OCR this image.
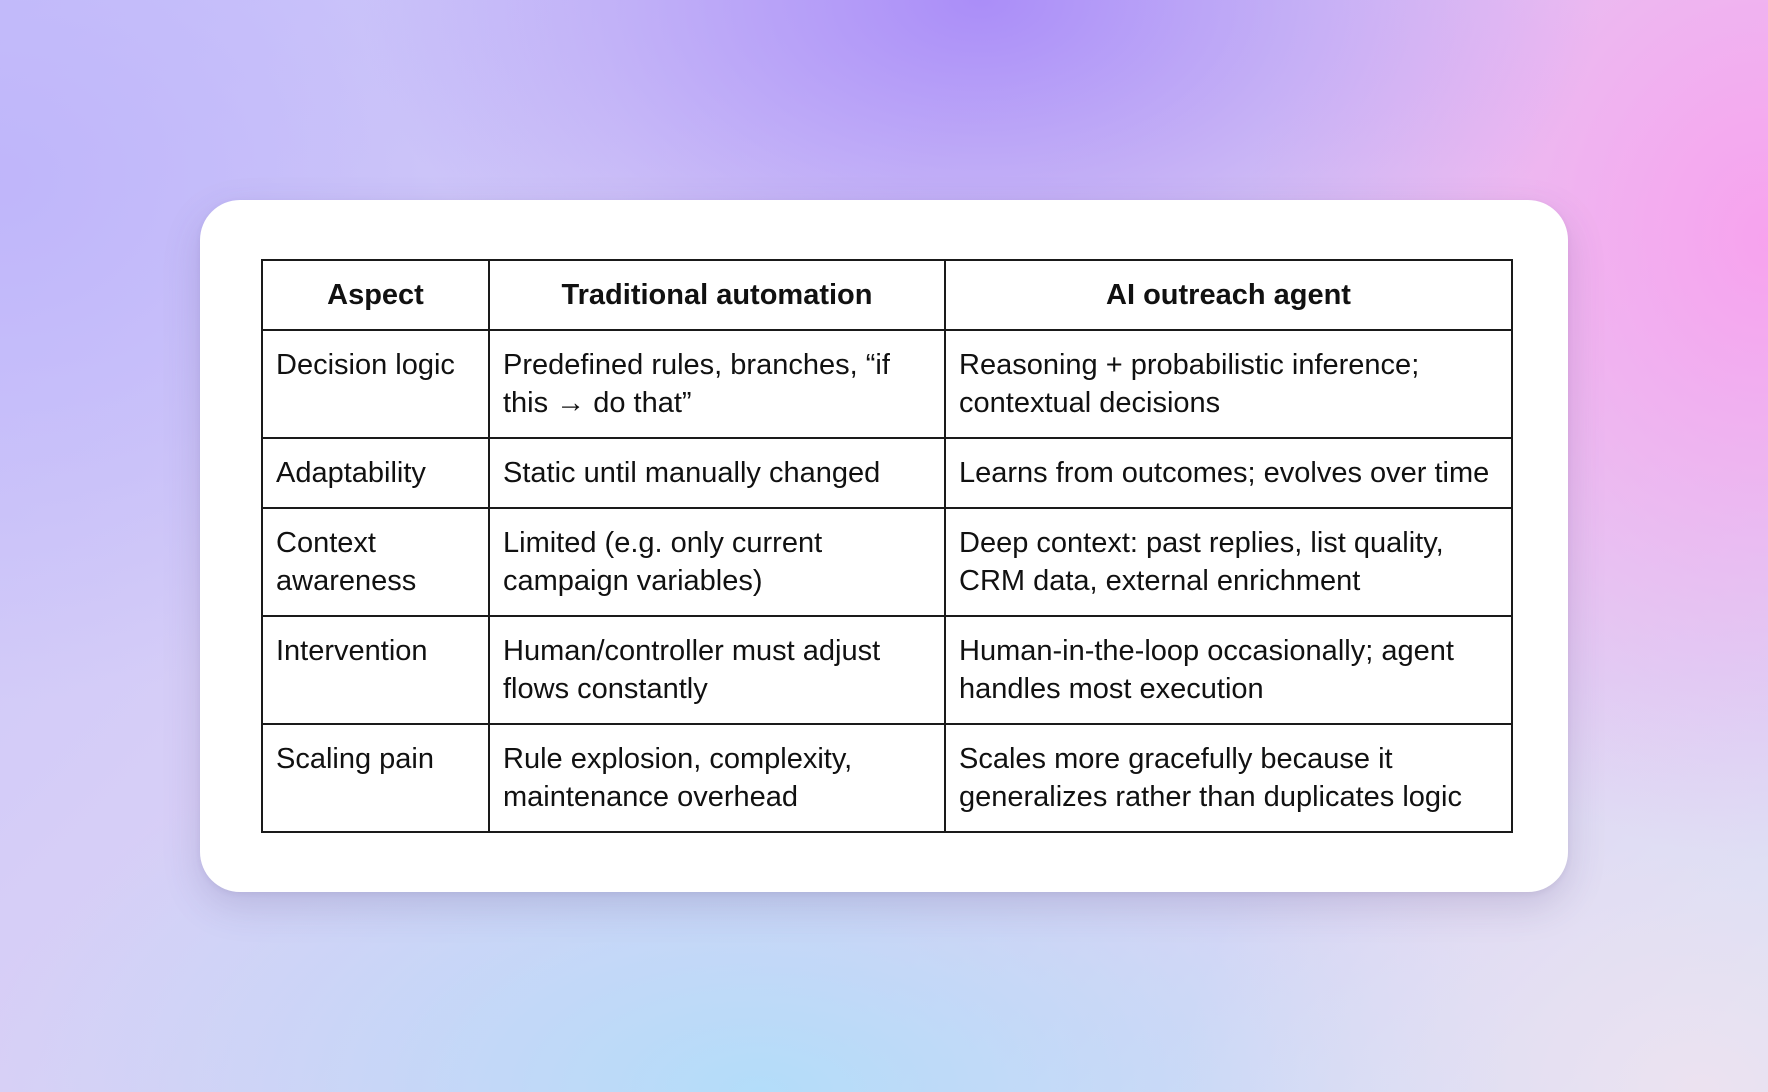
Aspect	Traditional automation	AI outreach agent
Decision logic	Predefined rules, branches, “if this → do that”	Reasoning + probabilistic inference; contextual decisions
Adaptability	Static until manually changed	Learns from outcomes; evolves over time
Context awareness	Limited (e.g. only current campaign variables)	Deep context: past replies, list quality, CRM data, external enrichment
Intervention	Human/controller must adjust flows constantly	Human-in-the-loop occasionally; agent handles most execution
Scaling pain	Rule explosion, complexity, maintenance overhead	Scales more gracefully because it generalizes rather than duplicates logic
